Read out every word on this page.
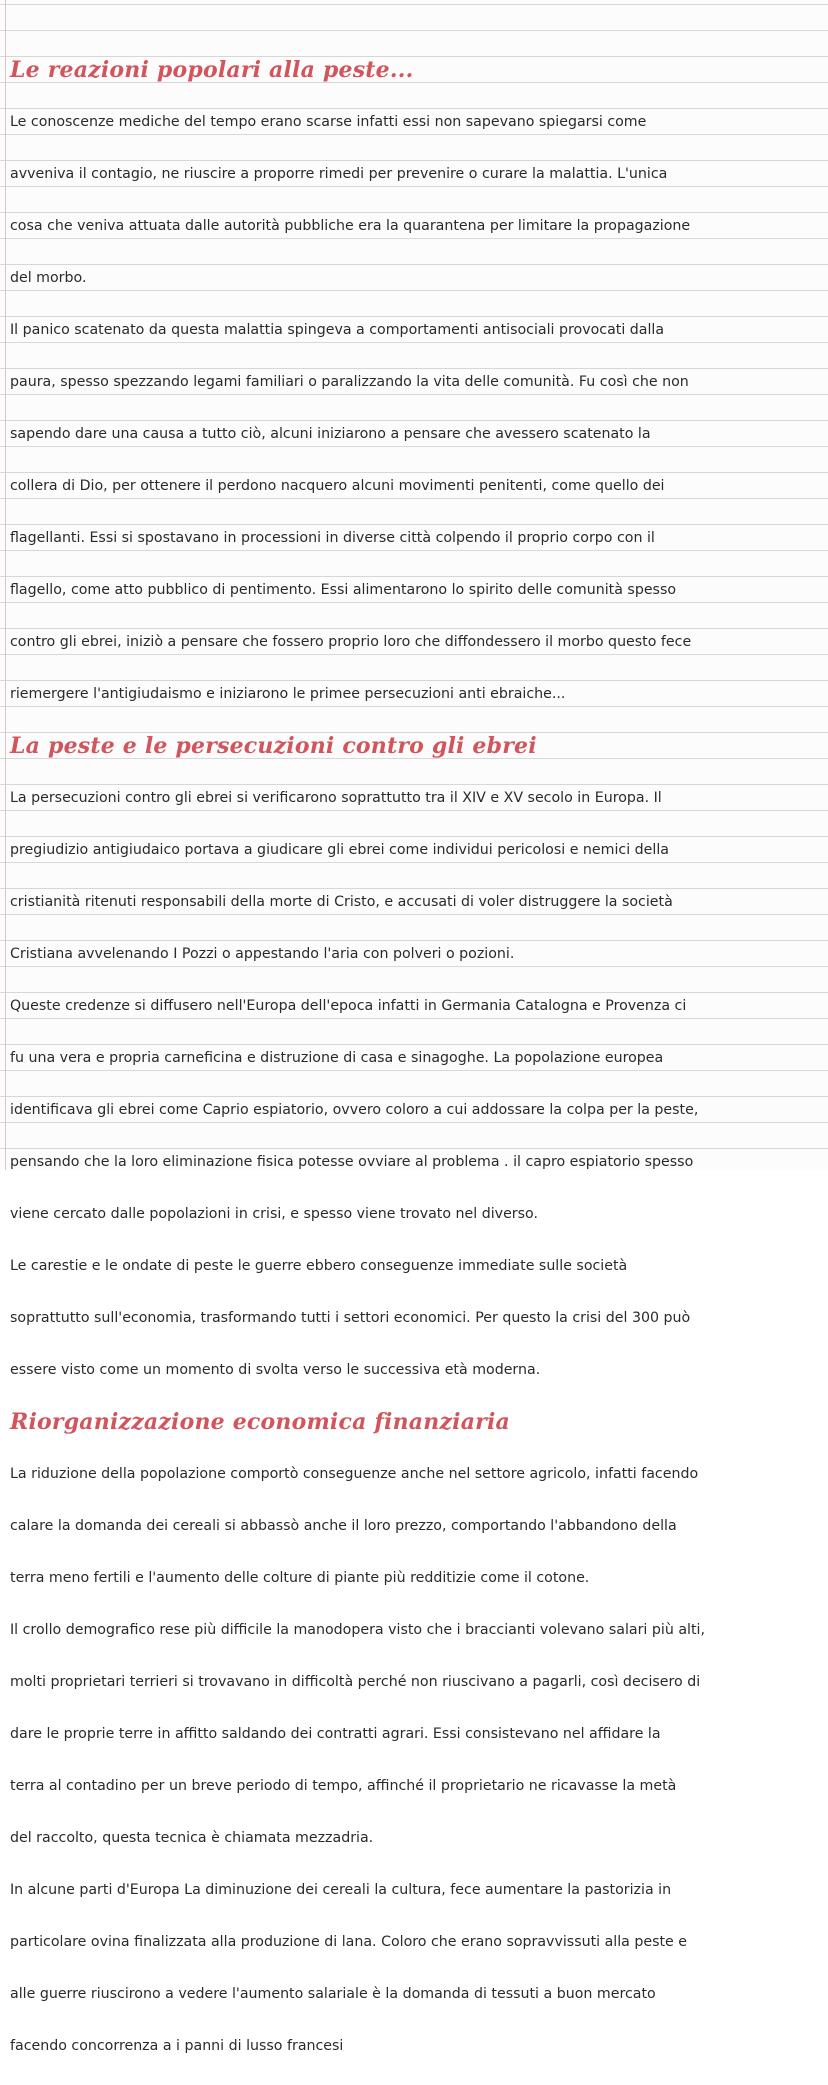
Le reazioni popolari alla peste...

Le conoscenze mediche del tempo erano scarse infatti essi non sapevano spiegarsi come

avveniva il contagio, ne riuscire a proporre rimedi per prevenire o curare la malattia. L'unica

cosa che veniva attuata dalle autorità pubbliche era la quarantena per limitare la propagazione

del morbo.

Il panico scatenato da questa malattia spingeva a comportamenti antisociali provocati dalla

paura, spesso spezzando legami familiari o paralizzando la vita delle comunità. Fu così che non

sapendo dare una causa a tutto ciò, alcuni iniziarono a pensare che avessero scatenato la

collera di Dio, per ottenere il perdono nacquero alcuni movimenti penitenti, come quello dei

flagellanti. Essi si spostavano in processioni in diverse città colpendo il proprio corpo con il

flagello, come atto pubblico di pentimento. Essi alimentarono lo spirito delle comunità spesso

contro gli ebrei, iniziò a pensare che fossero proprio loro che diffondessero il morbo questo fece

riemergere l'antigiudaismo e iniziarono le primee persecuzioni anti ebraiche...

La peste e le persecuzioni contro gli ebrei

La persecuzioni contro gli ebrei si verificarono soprattutto tra il XIV e XV secolo in Europa. Il

pregiudizio antigiudaico portava a giudicare gli ebrei come individui pericolosi e nemici della

cristianità ritenuti responsabili della morte di Cristo, e accusati di voler distruggere la società

Cristiana avvelenando I Pozzi o appestando l'aria con polveri o pozioni.

Queste credenze si diffusero nell'Europa dell'epoca infatti in Germania Catalogna e Provenza ci

fu una vera e propria carneficina e distruzione di casa e sinagoghe. La popolazione europea

identificava gli ebrei come Caprio espiatorio, ovvero coloro a cui addossare la colpa per la peste,

pensando che la loro eliminazione fisica potesse ovviare al problema . il capro espiatorio spesso

viene cercato dalle popolazioni in crisi, e spesso viene trovato nel diverso.

Le carestie e le ondate di peste le guerre ebbero conseguenze immediate sulle società

soprattutto sull'economia, trasformando tutti i settori economici. Per questo la crisi del 300 può

essere visto come un momento di svolta verso le successiva età moderna.

Riorganizzazione economica finanziaria

La riduzione della popolazione comportò conseguenze anche nel settore agricolo, infatti facendo

calare la domanda dei cereali si abbassò anche il loro prezzo, comportando l'abbandono della

terra meno fertili e l'aumento delle colture di piante più redditizie come il cotone.

Il crollo demografico rese più difficile la manodopera visto che i braccianti volevano salari più alti,

molti proprietari terrieri si trovavano in difficoltà perché non riuscivano a pagarli, così decisero di

dare le proprie terre in affitto saldando dei contratti agrari. Essi consistevano nel affidare la

terra al contadino per un breve periodo di tempo, affinché il proprietario ne ricavasse la metà

del raccolto, questa tecnica è chiamata mezzadria.

In alcune parti d'Europa La diminuzione dei cereali la cultura, fece aumentare la pastorizia in

particolare ovina finalizzata alla produzione di lana. Coloro che erano sopravvissuti alla peste e

alle guerre riuscirono a vedere l'aumento salariale è la domanda di tessuti a buon mercato

facendo concorrenza a i panni di lusso francesi
